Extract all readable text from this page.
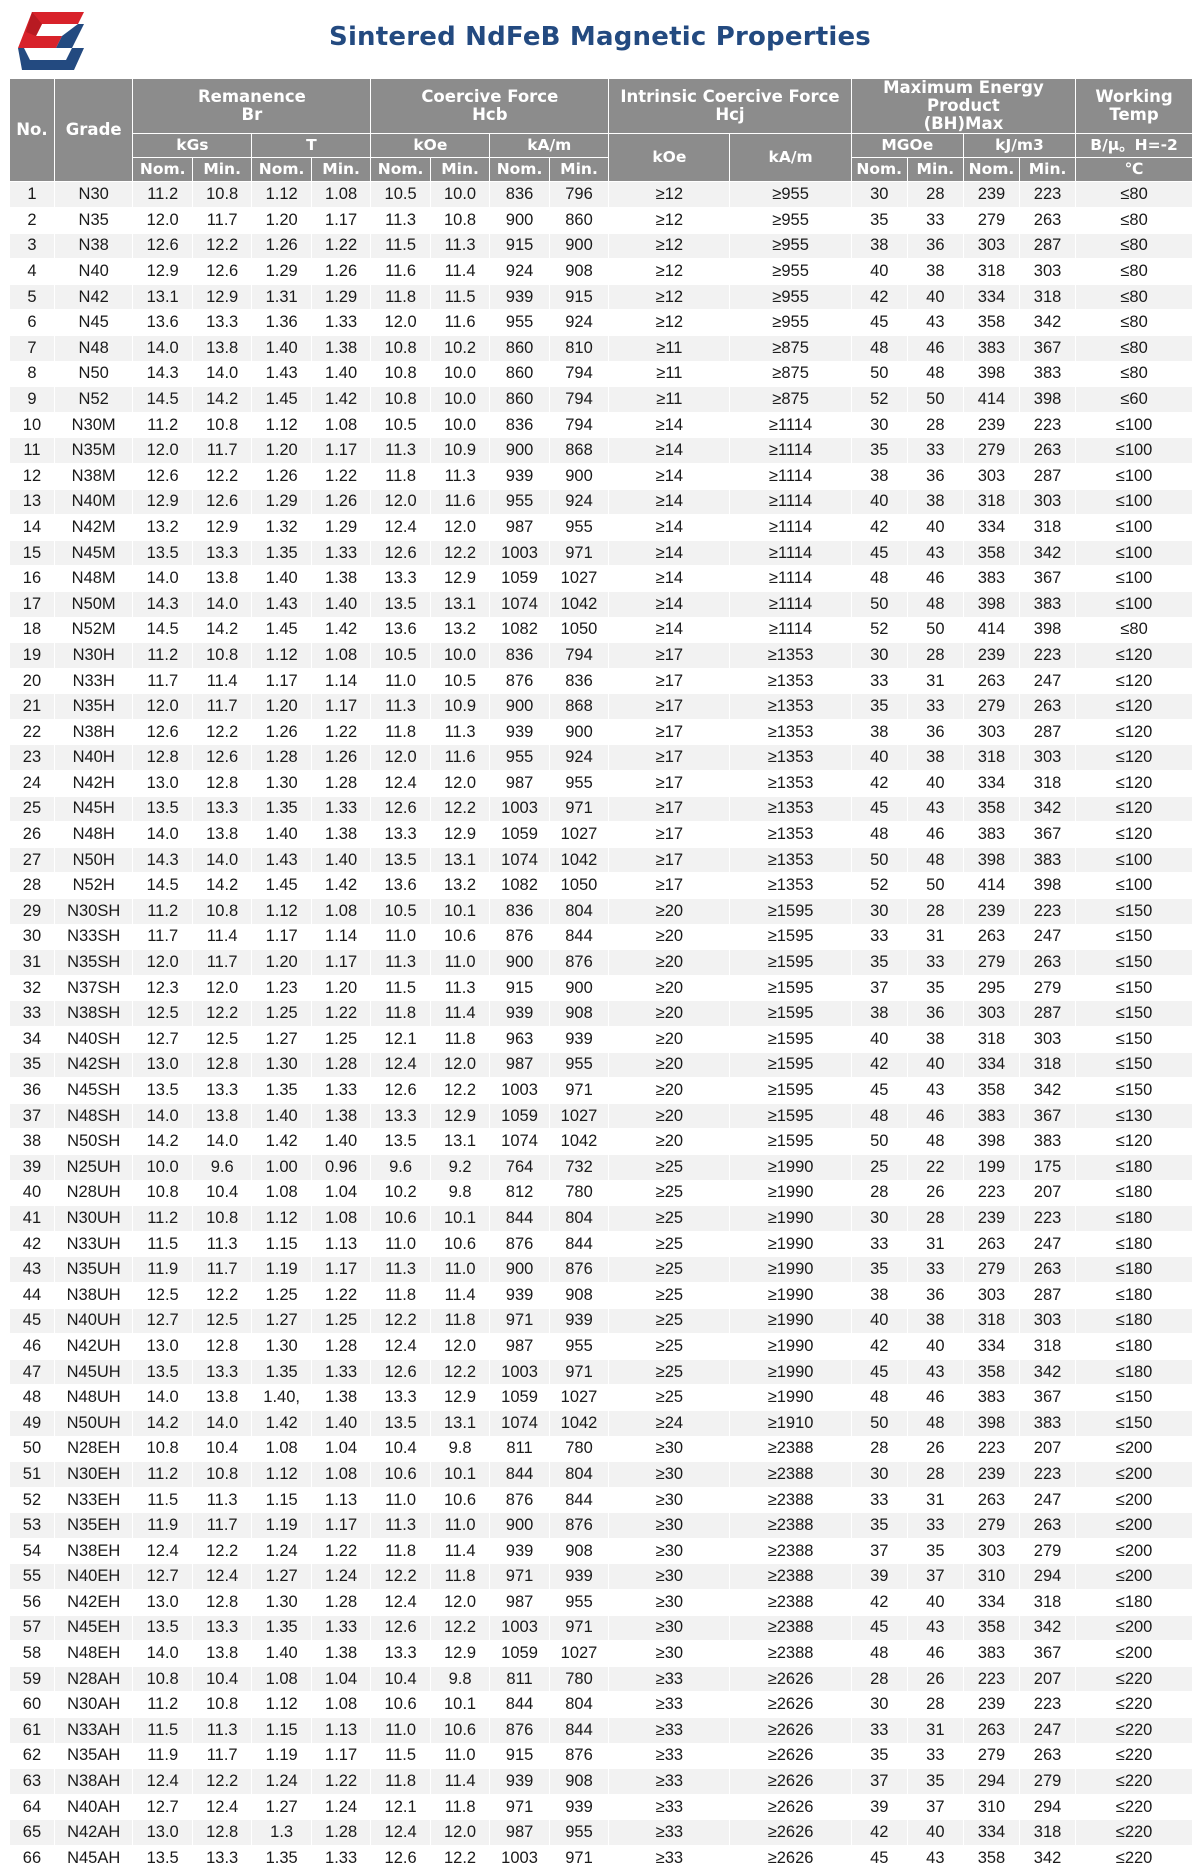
Sintered NdFeB Magnetic Properties
No.	Grade	Remanence
Br				Coercive Force
Hcb				Intrinsic Coercive Force
Hcj		Maximum Energy Product
(BH)Max				Working
Temp
		kGs		T		kOe		kA/m		kOe	kA/m	MGOe		kJ/m3		B/μ。H=-2
		Nom.	Min.	Nom.	Min.	Nom.	Min.	Nom.	Min.			Nom.	Min.	Nom.	Min.	℃
1	N30	11.2	10.8	1.12	1.08	10.5	10.0	836	796	≥12	≥955	30	28	239	223	≤80
2	N35	12.0	11.7	1.20	1.17	11.3	10.8	900	860	≥12	≥955	35	33	279	263	≤80
3	N38	12.6	12.2	1.26	1.22	11.5	11.3	915	900	≥12	≥955	38	36	303	287	≤80
4	N40	12.9	12.6	1.29	1.26	11.6	11.4	924	908	≥12	≥955	40	38	318	303	≤80
5	N42	13.1	12.9	1.31	1.29	11.8	11.5	939	915	≥12	≥955	42	40	334	318	≤80
6	N45	13.6	13.3	1.36	1.33	12.0	11.6	955	924	≥12	≥955	45	43	358	342	≤80
7	N48	14.0	13.8	1.40	1.38	10.8	10.2	860	810	≥11	≥875	48	46	383	367	≤80
8	N50	14.3	14.0	1.43	1.40	10.8	10.0	860	794	≥11	≥875	50	48	398	383	≤80
9	N52	14.5	14.2	1.45	1.42	10.8	10.0	860	794	≥11	≥875	52	50	414	398	≤60
10	N30M	11.2	10.8	1.12	1.08	10.5	10.0	836	794	≥14	≥1114	30	28	239	223	≤100
11	N35M	12.0	11.7	1.20	1.17	11.3	10.9	900	868	≥14	≥1114	35	33	279	263	≤100
12	N38M	12.6	12.2	1.26	1.22	11.8	11.3	939	900	≥14	≥1114	38	36	303	287	≤100
13	N40M	12.9	12.6	1.29	1.26	12.0	11.6	955	924	≥14	≥1114	40	38	318	303	≤100
14	N42M	13.2	12.9	1.32	1.29	12.4	12.0	987	955	≥14	≥1114	42	40	334	318	≤100
15	N45M	13.5	13.3	1.35	1.33	12.6	12.2	1003	971	≥14	≥1114	45	43	358	342	≤100
16	N48M	14.0	13.8	1.40	1.38	13.3	12.9	1059	1027	≥14	≥1114	48	46	383	367	≤100
17	N50M	14.3	14.0	1.43	1.40	13.5	13.1	1074	1042	≥14	≥1114	50	48	398	383	≤100
18	N52M	14.5	14.2	1.45	1.42	13.6	13.2	1082	1050	≥14	≥1114	52	50	414	398	≤80
19	N30H	11.2	10.8	1.12	1.08	10.5	10.0	836	794	≥17	≥1353	30	28	239	223	≤120
20	N33H	11.7	11.4	1.17	1.14	11.0	10.5	876	836	≥17	≥1353	33	31	263	247	≤120
21	N35H	12.0	11.7	1.20	1.17	11.3	10.9	900	868	≥17	≥1353	35	33	279	263	≤120
22	N38H	12.6	12.2	1.26	1.22	11.8	11.3	939	900	≥17	≥1353	38	36	303	287	≤120
23	N40H	12.8	12.6	1.28	1.26	12.0	11.6	955	924	≥17	≥1353	40	38	318	303	≤120
24	N42H	13.0	12.8	1.30	1.28	12.4	12.0	987	955	≥17	≥1353	42	40	334	318	≤120
25	N45H	13.5	13.3	1.35	1.33	12.6	12.2	1003	971	≥17	≥1353	45	43	358	342	≤120
26	N48H	14.0	13.8	1.40	1.38	13.3	12.9	1059	1027	≥17	≥1353	48	46	383	367	≤120
27	N50H	14.3	14.0	1.43	1.40	13.5	13.1	1074	1042	≥17	≥1353	50	48	398	383	≤100
28	N52H	14.5	14.2	1.45	1.42	13.6	13.2	1082	1050	≥17	≥1353	52	50	414	398	≤100
29	N30SH	11.2	10.8	1.12	1.08	10.5	10.1	836	804	≥20	≥1595	30	28	239	223	≤150
30	N33SH	11.7	11.4	1.17	1.14	11.0	10.6	876	844	≥20	≥1595	33	31	263	247	≤150
31	N35SH	12.0	11.7	1.20	1.17	11.3	11.0	900	876	≥20	≥1595	35	33	279	263	≤150
32	N37SH	12.3	12.0	1.23	1.20	11.5	11.3	915	900	≥20	≥1595	37	35	295	279	≤150
33	N38SH	12.5	12.2	1.25	1.22	11.8	11.4	939	908	≥20	≥1595	38	36	303	287	≤150
34	N40SH	12.7	12.5	1.27	1.25	12.1	11.8	963	939	≥20	≥1595	40	38	318	303	≤150
35	N42SH	13.0	12.8	1.30	1.28	12.4	12.0	987	955	≥20	≥1595	42	40	334	318	≤150
36	N45SH	13.5	13.3	1.35	1.33	12.6	12.2	1003	971	≥20	≥1595	45	43	358	342	≤150
37	N48SH	14.0	13.8	1.40	1.38	13.3	12.9	1059	1027	≥20	≥1595	48	46	383	367	≤130
38	N50SH	14.2	14.0	1.42	1.40	13.5	13.1	1074	1042	≥20	≥1595	50	48	398	383	≤120
39	N25UH	10.0	9.6	1.00	0.96	9.6	9.2	764	732	≥25	≥1990	25	22	199	175	≤180
40	N28UH	10.8	10.4	1.08	1.04	10.2	9.8	812	780	≥25	≥1990	28	26	223	207	≤180
41	N30UH	11.2	10.8	1.12	1.08	10.6	10.1	844	804	≥25	≥1990	30	28	239	223	≤180
42	N33UH	11.5	11.3	1.15	1.13	11.0	10.6	876	844	≥25	≥1990	33	31	263	247	≤180
43	N35UH	11.9	11.7	1.19	1.17	11.3	11.0	900	876	≥25	≥1990	35	33	279	263	≤180
44	N38UH	12.5	12.2	1.25	1.22	11.8	11.4	939	908	≥25	≥1990	38	36	303	287	≤180
45	N40UH	12.7	12.5	1.27	1.25	12.2	11.8	971	939	≥25	≥1990	40	38	318	303	≤180
46	N42UH	13.0	12.8	1.30	1.28	12.4	12.0	987	955	≥25	≥1990	42	40	334	318	≤180
47	N45UH	13.5	13.3	1.35	1.33	12.6	12.2	1003	971	≥25	≥1990	45	43	358	342	≤180
48	N48UH	14.0	13.8	1.40,	1.38	13.3	12.9	1059	1027	≥25	≥1990	48	46	383	367	≤150
49	N50UH	14.2	14.0	1.42	1.40	13.5	13.1	1074	1042	≥24	≥1910	50	48	398	383	≤150
50	N28EH	10.8	10.4	1.08	1.04	10.4	9.8	811	780	≥30	≥2388	28	26	223	207	≤200
51	N30EH	11.2	10.8	1.12	1.08	10.6	10.1	844	804	≥30	≥2388	30	28	239	223	≤200
52	N33EH	11.5	11.3	1.15	1.13	11.0	10.6	876	844	≥30	≥2388	33	31	263	247	≤200
53	N35EH	11.9	11.7	1.19	1.17	11.3	11.0	900	876	≥30	≥2388	35	33	279	263	≤200
54	N38EH	12.4	12.2	1.24	1.22	11.8	11.4	939	908	≥30	≥2388	37	35	303	279	≤200
55	N40EH	12.7	12.4	1.27	1.24	12.2	11.8	971	939	≥30	≥2388	39	37	310	294	≤200
56	N42EH	13.0	12.8	1.30	1.28	12.4	12.0	987	955	≥30	≥2388	42	40	334	318	≤180
57	N45EH	13.5	13.3	1.35	1.33	12.6	12.2	1003	971	≥30	≥2388	45	43	358	342	≤200
58	N48EH	14.0	13.8	1.40	1.38	13.3	12.9	1059	1027	≥30	≥2388	48	46	383	367	≤200
59	N28AH	10.8	10.4	1.08	1.04	10.4	9.8	811	780	≥33	≥2626	28	26	223	207	≤220
60	N30AH	11.2	10.8	1.12	1.08	10.6	10.1	844	804	≥33	≥2626	30	28	239	223	≤220
61	N33AH	11.5	11.3	1.15	1.13	11.0	10.6	876	844	≥33	≥2626	33	31	263	247	≤220
62	N35AH	11.9	11.7	1.19	1.17	11.5	11.0	915	876	≥33	≥2626	35	33	279	263	≤220
63	N38AH	12.4	12.2	1.24	1.22	11.8	11.4	939	908	≥33	≥2626	37	35	294	279	≤220
64	N40AH	12.7	12.4	1.27	1.24	12.1	11.8	971	939	≥33	≥2626	39	37	310	294	≤220
65	N42AH	13.0	12.8	1.3	1.28	12.4	12.0	987	955	≥33	≥2626	42	40	334	318	≤220
66	N45AH	13.5	13.3	1.35	1.33	12.6	12.2	1003	971	≥33	≥2626	45	43	358	342	≤220
